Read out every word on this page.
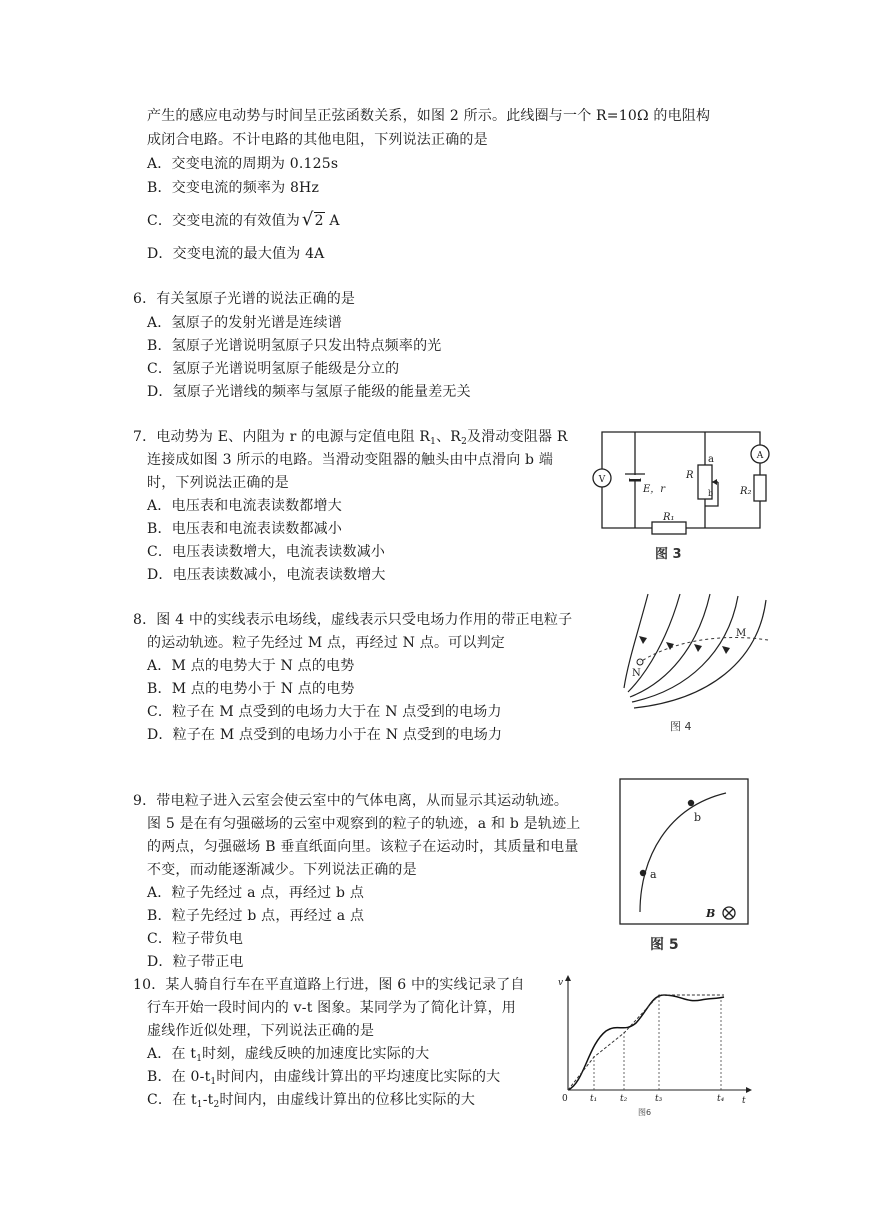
产生的感应电动势与时间呈正弦函数关系，如图 2 所示。此线圈与一个 R=10Ω 的电阻构
成闭合电路。不计电路的其他电阻，下列说法正确的是
A．交变电流的周期为 0.125s
B．交变电流的频率为 8Hz
C．交变电流的有效值为 √2 A
D．交变电流的最大值为 4A
6．有关氢原子光谱的说法正确的是
A．氢原子的发射光谱是连续谱
B．氢原子光谱说明氢原子只发出特点频率的光
C．氢原子光谱说明氢原子能级是分立的
D．氢原子光谱线的频率与氢原子能级的能量差无关
7．电动势为 E、内阻为 r 的电源与定值电阻 $R_1$、$R_2$及滑动变阻器 R
连接成如图 3 所示的电路。当滑动变阻器的触头由中点滑向 b 端
时，下列说法正确的是
A．电压表和电流表读数都增大
B．电压表和电流表读数都减小
C．电压表读数增大，电流表读数减小
D．电压表读数减小，电流表读数增大
V
A
E，r
R
R₂
R₁
a
b
图 3
8．图 4 中的实线表示电场线，虚线表示只受电场力作用的带正电粒子
的运动轨迹。粒子先经过 M 点，再经过 N 点。可以判定
A．M 点的电势大于 N 点的电势
B．M 点的电势小于 N 点的电势
C．粒子在 M 点受到的电场力大于在 N 点受到的电场力
D．粒子在 M 点受到的电场力小于在 N 点受到的电场力
M
N
图 4
9．带电粒子进入云室会使云室中的气体电离，从而显示其运动轨迹。
图 5 是在有匀强磁场的云室中观察到的粒子的轨迹，a 和 b 是轨迹上
的两点，匀强磁场 B 垂直纸面向里。该粒子在运动时，其质量和电量
不变，而动能逐渐减少。下列说法正确的是
A．粒子先经过 a 点，再经过 b 点
B．粒子先经过 b 点，再经过 a 点
C．粒子带负电
D．粒子带正电
a
b
B
图 5
10．某人骑自行车在平直道路上行进，图 6 中的实线记录了自
行车开始一段时间内的 v-t 图象。某同学为了简化计算，用
虚线作近似处理，下列说法正确的是
A．在 $t_1$时刻，虚线反映的加速度比实际的大
B．在 $0-t_1$时间内，由虚线计算出的平均速度比实际的大
C．在 $t_1-t_2$时间内，由虚线计算出的位移比实际的大
v
t
0 t₁	t₂	t₃	t₄
图6
